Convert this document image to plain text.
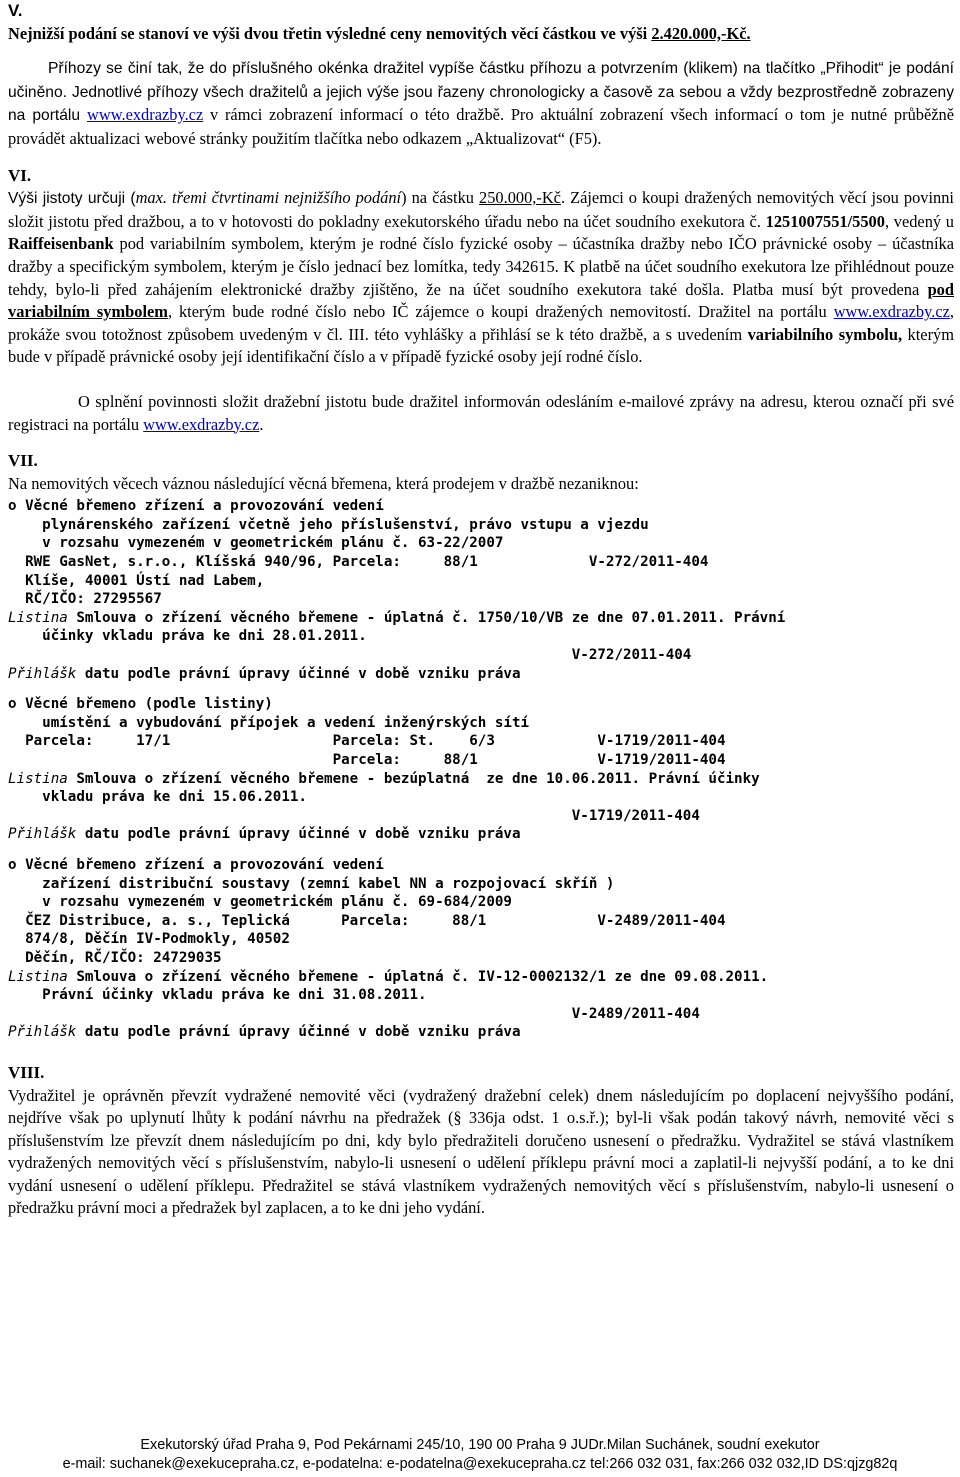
V.

Nejnižší podání se stanoví ve výši dvou třetin výsledné ceny nemovitých věcí částkou ve výši 2.420.000,-Kč.

Příhozy se činí tak, že do příslušného okénka dražitel vypíše částku příhozu a potvrzením (klikem) na tlačítko „Přihodit“ je podání učiněno. Jednotlivé příhozy všech dražitelů a jejich výše jsou řazeny chronologicky a časově za sebou a vždy bezprostředně zobrazeny na portálu www.exdrazby.cz v rámci zobrazení informací o této dražbě. Pro aktuální zobrazení všech informací o tom je nutné průběžně provádět aktualizaci webové stránky použitím tlačítka nebo odkazem „Aktualizovat“ (F5).

VI.

Výši jistoty určuji (max. třemi čtvrtinami nejnižšího podání) na částku 250.000,-Kč. Zájemci o koupi dražených nemovitých věcí jsou povinni složit jistotu před dražbou, a to v hotovosti do pokladny exekutorského úřadu nebo na účet soudního exekutora č. 1251007551/5500, vedený u Raiffeisenbank pod variabilním symbolem, kterým je rodné číslo fyzické osoby – účastníka dražby nebo IČO právnické osoby – účastníka dražby a specifickým symbolem, kterým je číslo jednací bez lomítka, tedy 342615. K platbě na účet soudního exekutora lze přihlédnout pouze tehdy, bylo-li před zahájením elektronické dražby zjištěno, že na účet soudního exekutora také došla. Platba musí být provedena pod variabilním symbolem, kterým bude rodné číslo nebo IČ zájemce o koupi dražených nemovitostí. Dražitel na portálu www.exdrazby.cz, prokáže svou totožnost způsobem uvedeným v čl. III. této vyhlášky a přihlásí se k této dražbě, a s uvedením variabilního symbolu, kterým bude v případě právnické osoby její identifikační číslo a v případě fyzické osoby její rodné číslo.

O splnění povinnosti složit dražební jistotu bude dražitel informován odesláním e-mailové zprávy na adresu, kterou označí při své registraci na portálu www.exdrazby.cz.

VII.

Na nemovitých věcech váznou následující věcná břemena, která prodejem v dražbě nezaniknou:

o Věcné břemeno zřízení a provozování vedení
plynárenského zařízení včetně jeho příslušenství, právo vstupu a vjezdu
v rozsahu vymezeném v geometrickém plánu č. 63-22/2007
RWE GasNet, s.r.o., Klíšská 940/96, Parcela:     88/1             V-272/2011-404
Klíše, 40001 Ústí nad Labem,
RČ/IČO: 27295567
Listina Smlouva o zřízení věcného břemene - úplatná č. 1750/10/VB ze dne 07.01.2011. Právní
účinky vkladu práva ke dni 28.01.2011.
V-272/2011-404
Přihlášk datu podle právní úpravy účinné v době vzniku práva
o Věcné břemeno (podle listiny)
umístění a vybudování přípojek a vedení inženýrských sítí
Parcela:     17/1                   Parcela: St.    6/3            V-1719/2011-404
Parcela:     88/1              V-1719/2011-404
Listina Smlouva o zřízení věcného břemene - bezúplatná  ze dne 10.06.2011. Právní účinky
vkladu práva ke dni 15.06.2011.
V-1719/2011-404
Přihlášk datu podle právní úpravy účinné v době vzniku práva
o Věcné břemeno zřízení a provozování vedení
zařízení distribuční soustavy (zemní kabel NN a rozpojovací skříň )
v rozsahu vymezeném v geometrickém plánu č. 69-684/2009
ČEZ Distribuce, a. s., Teplická      Parcela:     88/1             V-2489/2011-404
874/8, Děčín IV-Podmokly, 40502
Děčín, RČ/IČO: 24729035
Listina Smlouva o zřízení věcného břemene - úplatná č. IV-12-0002132/1 ze dne 09.08.2011.
Právní účinky vkladu práva ke dni 31.08.2011.
V-2489/2011-404
Přihlášk datu podle právní úpravy účinné v době vzniku práva

VIII.

Vydražitel je oprávněn převzít vydražené nemovité věci (vydražený dražební celek) dnem následujícím po doplacení nejvyššího podání, nejdříve však po uplynutí lhůty k podání návrhu na předražek (§ 336ja odst. 1 o.s.ř.); byl-li však podán takový návrh, nemovité věci s příslušenstvím lze převzít dnem následujícím po dni, kdy bylo předražiteli doručeno usnesení o předražku. Vydražitel se stává vlastníkem vydražených nemovitých věcí s příslušenstvím, nabylo-li usnesení o udělení příklepu právní moci a zaplatil-li nejvyšší podání, a to ke dni vydání usnesení o udělení příklepu. Předražitel se stává vlastníkem vydražených nemovitých věcí s příslušenstvím, nabylo-li usnesení o předražku právní moci a předražek byl zaplacen, a to ke dni jeho vydání.

Exekutorský úřad Praha 9, Pod Pekárnami 245/10, 190 00 Praha 9 JUDr.Milan Suchánek, soudní exekutor
e-mail: suchanek@exekucepraha.cz, e-podatelna: e-podatelna@exekucepraha.cz tel:266 032 031, fax:266 032 032,ID DS:qjzg82q
